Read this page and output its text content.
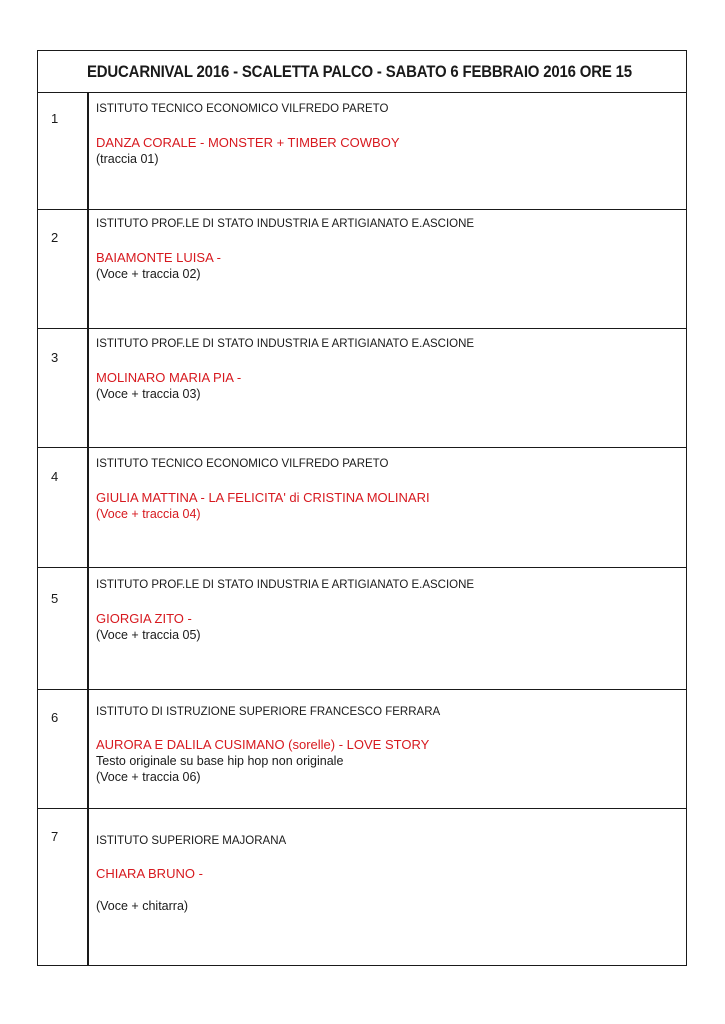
EDUCARNIVAL 2016 - SCALETTA PALCO - SABATO 6 FEBBRAIO 2016 ORE 15
1
ISTITUTO TECNICO ECONOMICO VILFREDO PARETO
DANZA CORALE - MONSTER + TIMBER COWBOY
(traccia 01)
2
ISTITUTO PROF.LE DI STATO INDUSTRIA E ARTIGIANATO E.ASCIONE
BAIAMONTE LUISA -
(Voce + traccia 02)
3
ISTITUTO PROF.LE DI STATO INDUSTRIA E ARTIGIANATO E.ASCIONE
MOLINARO MARIA PIA -
(Voce + traccia 03)
4
ISTITUTO TECNICO ECONOMICO VILFREDO PARETO
GIULIA MATTINA - LA FELICITA' di CRISTINA MOLINARI
(Voce + traccia 04)
5
ISTITUTO PROF.LE DI STATO INDUSTRIA E ARTIGIANATO E.ASCIONE
GIORGIA ZITO -
(Voce + traccia 05)
6	ISTITUTO DI ISTRUZIONE SUPERIORE FRANCESCO FERRARA
AURORA E DALILA CUSIMANO (sorelle) - LOVE STORY
Testo originale su base hip hop non originale
(Voce + traccia 06)
7	ISTITUTO SUPERIORE MAJORANA
CHIARA BRUNO -
(Voce + chitarra)
